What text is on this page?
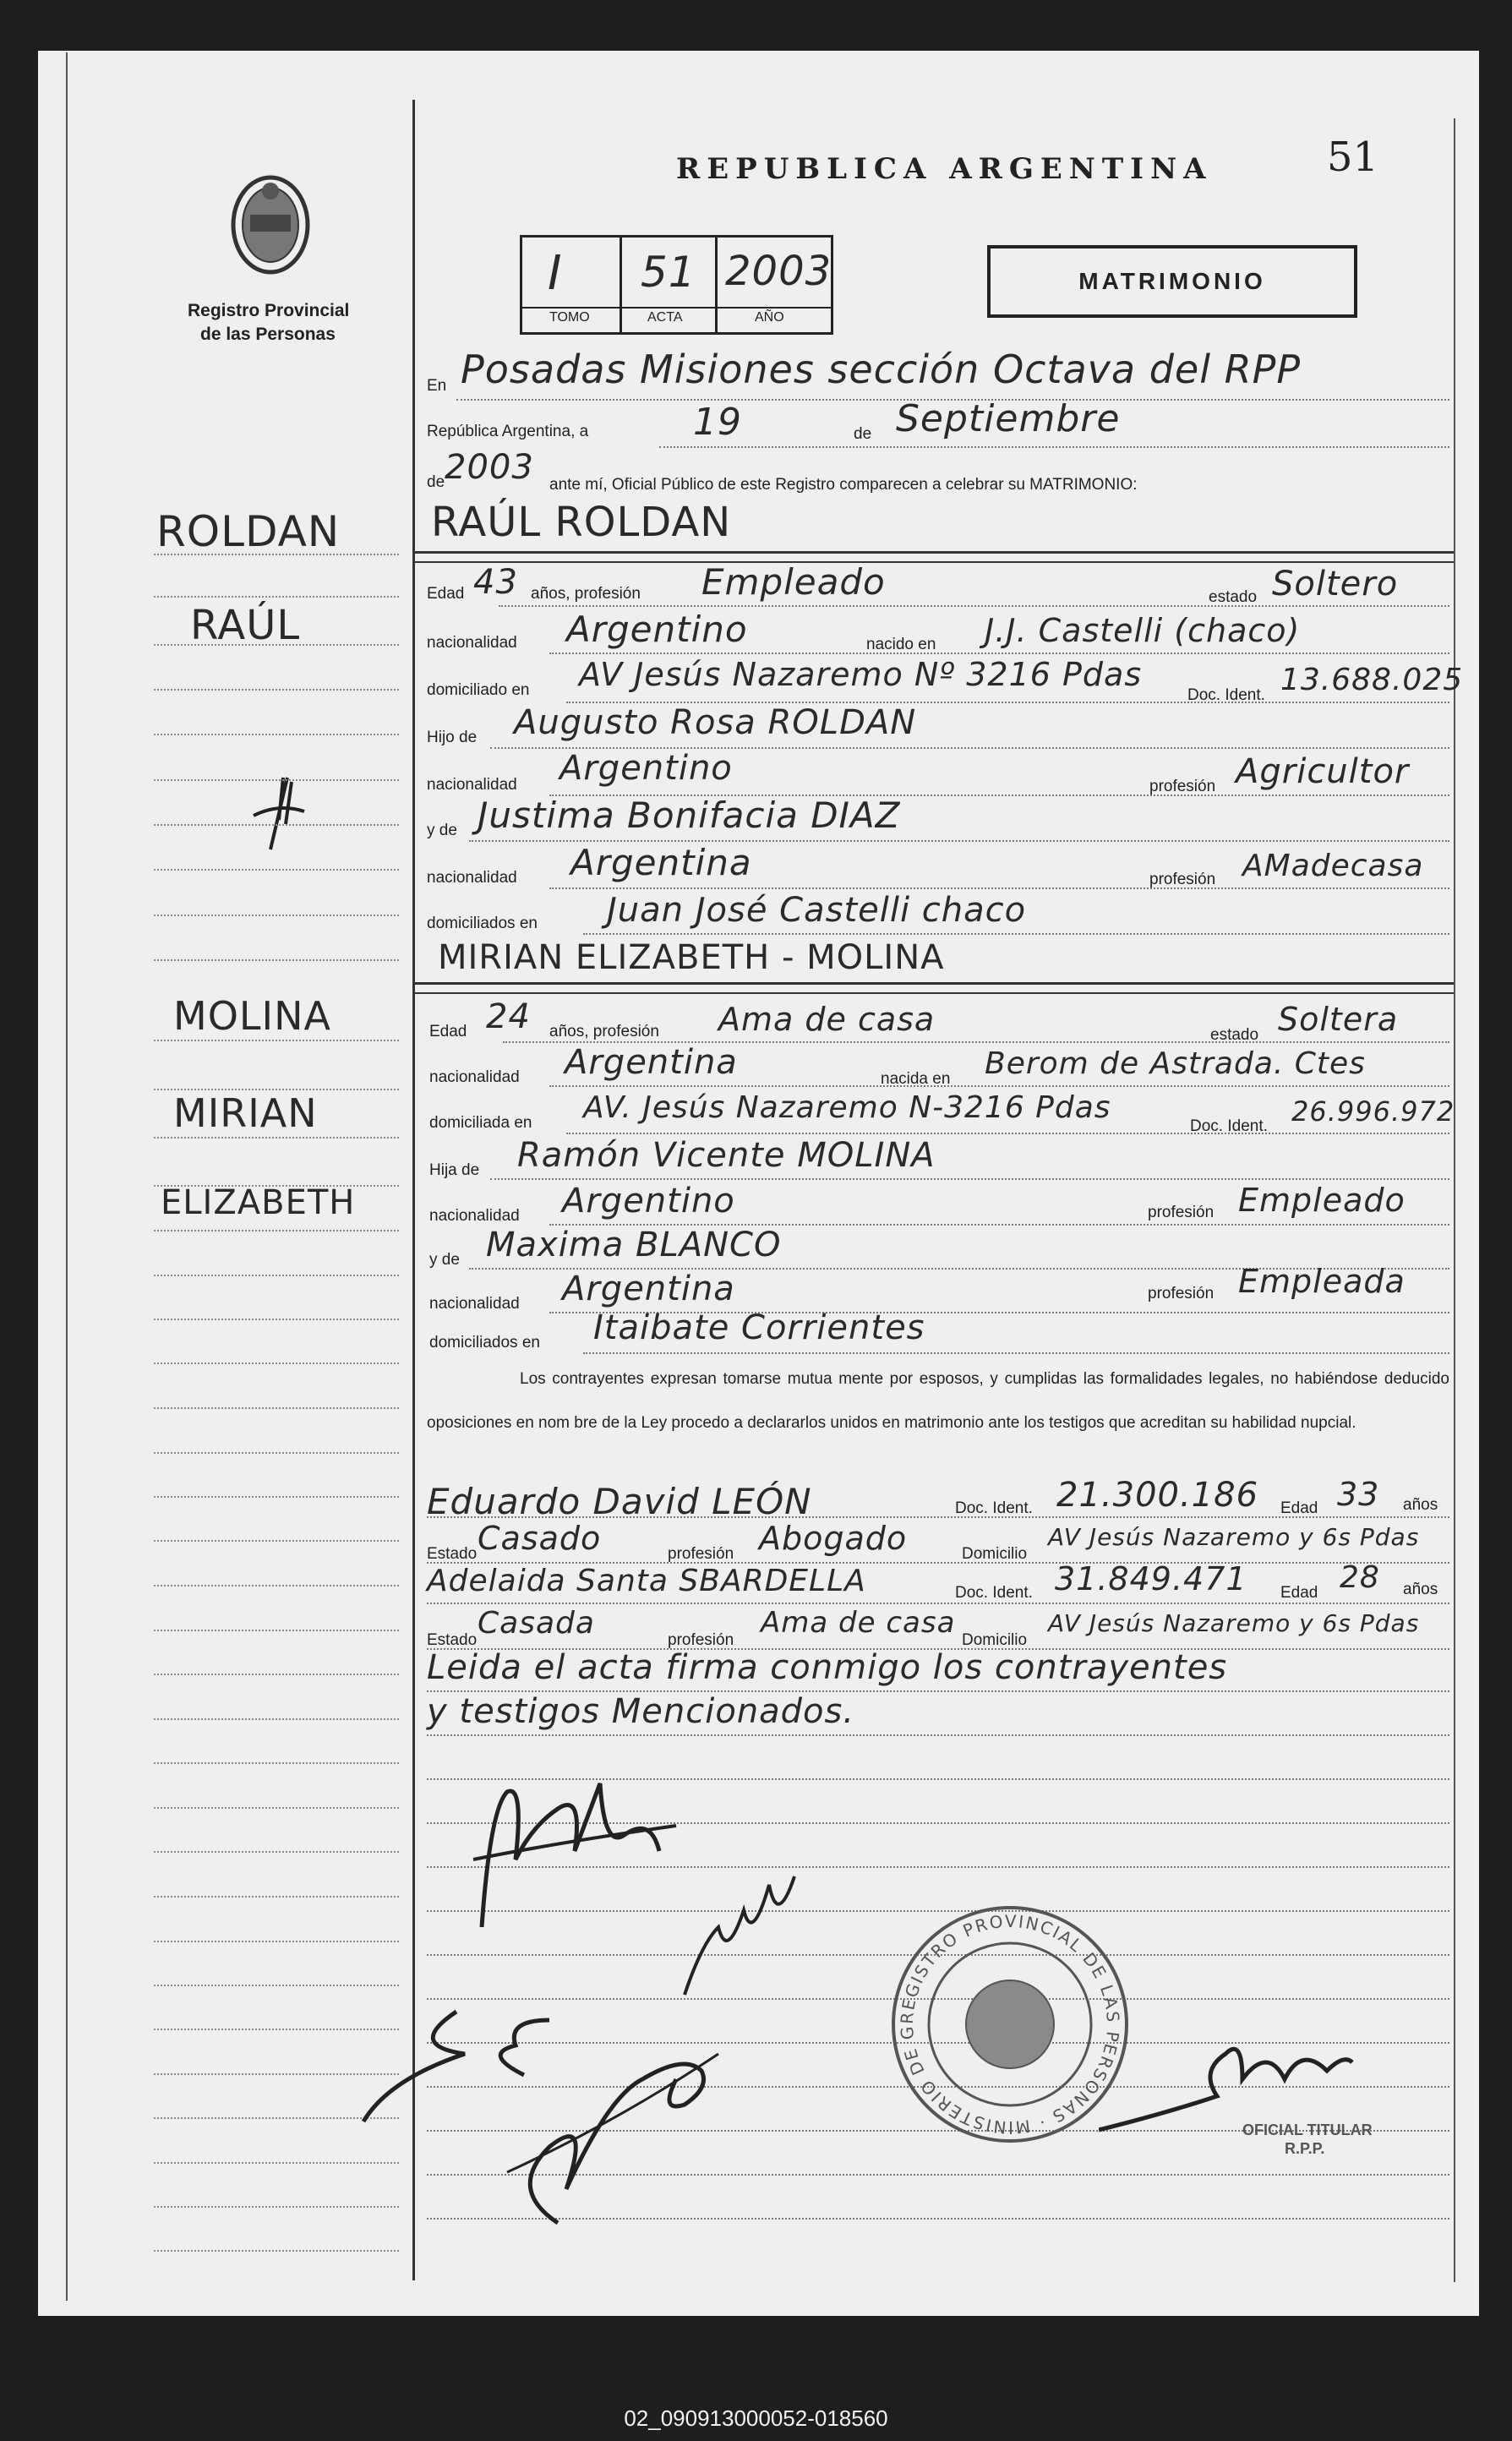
Registro Provincial
de las Personas
REPUBLICA ARGENTINA	51
I 51 2003
TOMO	ACTA	AÑO
MATRIMONIO
En Posadas Misiones sección Octava del RPP
República Argentina, a	19	de Septiembre
de 2003 ante mí, Oficial Público de este Registro comparecen a celebrar su MATRIMONIO:
ROLDAN
RAÚL
MOLINA
MIRIAN
ELIZABETH
RAÚL ROLDAN
Edad 43 años, profesión Empleado	estado Soltero
nacionalidad Argentino	nacido en J.J. Castelli (chaco)
domiciliado en AV Jesús Nazaremo Nº 3216 Pdas
Doc. Ident. 13.688.025
Hijo de Augusto Rosa ROLDAN
nacionalidad Argentino	profesión Agricultor
y de Justima Bonifacia DIAZ
nacionalidad Argentina	profesión AMadecasa
domiciliados en Juan José Castelli chaco
MIRIAN ELIZABETH - MOLINA
Edad 24 años, profesión Ama de casa	estado Soltera
nacionalidad Argentina	nacida en Berom de Astrada. Ctes
domiciliada en AV. Jesús Nazaremo N-3216 Pdas
Doc. Ident. 26.996.972
Hija de Ramón Vicente MOLINA
nacionalidad Argentino	profesión Empleado
y de Maxima BLANCO
nacionalidad Argentina	profesión Empleada
domiciliados en Itaibate Corrientes
Los contrayentes expresan tomarse mutua mente por esposos, y cumplidas las formalidades legales, no habiéndose deducido oposiciones en nom bre de la Ley procedo a declararlos unidos en matrimonio ante los testigos que acreditan su habilidad nupcial.
Eduardo David LEÓN	Doc. Ident. 21.300.186 Edad 33 años
Estado Casado	profesión Abogado	Domicilio
AV Jesús Nazaremo y 6s Pdas
Adelaida Santa SBARDELLA	Doc. Ident. 31.849.471 Edad 28 años
Estado Casada	profesión
Ama de casa
Domicilio
AV Jesús Nazaremo y 6s Pdas
Leida el acta firma conmigo los contrayentes
y testigos Mencionados.
REGISTRO PROVINCIAL DE LAS PERSONAS · MINISTERIO DE G
OFICIAL TITULAR
R.P.P.
02_090913000052-018560
